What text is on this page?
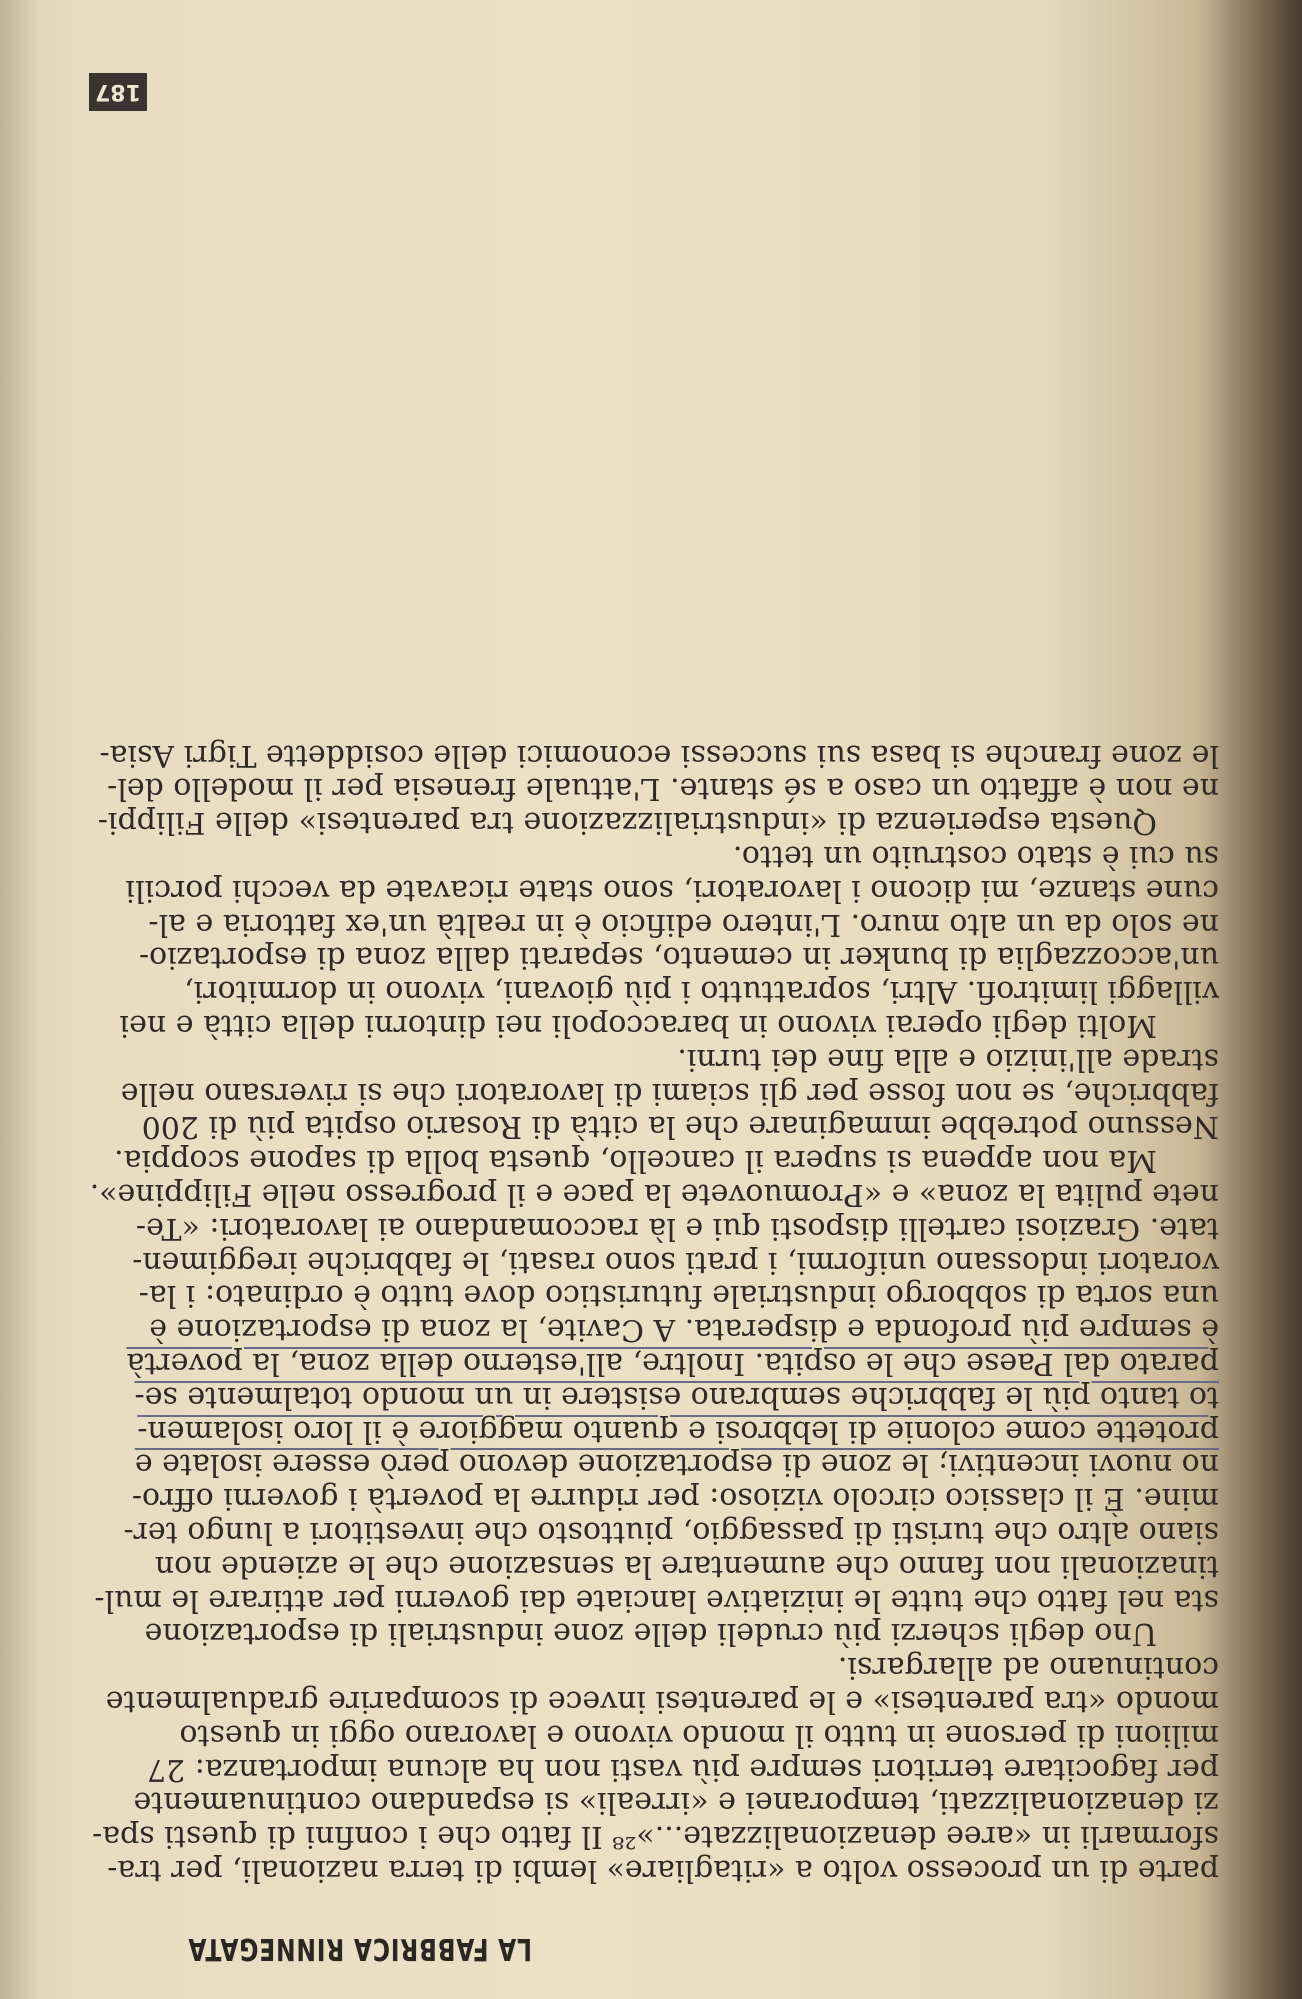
LA FABBRICA RINNEGATA
187
parte di un processo volto a «ritagliare» lembi di terra nazionali, per tra-
sformarli in «aree denazionalizzate...»²⁸ Il fatto che i confini di questi spa-
zi denazionalizzati, temporanei e «irreali» si espandano continuamente
per fagocitare territori sempre più vasti non ha alcuna importanza: 27
milioni di persone in tutto il mondo vivono e lavorano oggi in questo
mondo «tra parentesi» e le parentesi invece di scomparire gradualmente
continuano ad allargarsi.
Uno degli scherzi più crudeli delle zone industriali di esportazione
sta nel fatto che tutte le iniziative lanciate dai governi per attirare le mul-
tinazionali non fanno che aumentare la sensazione che le aziende non
siano altro che turisti di passaggio, piuttosto che investitori a lungo ter-
mine. È il classico circolo vizioso: per ridurre la povertà i governi offro-
no nuovi incentivi; le zone di esportazione devono però essere isolate e
protette come colonie di lebbrosi e quanto maggiore è il loro isolamen-
to tanto più le fabbriche sembrano esistere in un mondo totalmente se-
parato dal Paese che le ospita. Inoltre, all'esterno della zona, la povertà
è sempre più profonda e disperata. A Cavite, la zona di esportazione è
una sorta di sobborgo industriale futuristico dove tutto è ordinato: i la-
voratori indossano uniformi, i prati sono rasati, le fabbriche ireggimen-
tate. Graziosi cartelli disposti qui e là raccomandano ai lavoratori: «Te-
nete pulita la zona» e «Promuovete la pace e il progresso nelle Filippine».
Ma non appena si supera il cancello, questa bolla di sapone scoppia.
Nessuno potrebbe immaginare che la città di Rosario ospita più di 200
fabbriche, se non fosse per gli sciami di lavoratori che si riversano nelle
strade all'inizio e alla fine dei turni.
Molti degli operai vivono in baraccopoli nei dintorni della città e nei
villaggi limitrofi. Altri, soprattutto i più giovani, vivono in dormitori,
un'accozzaglia di bunker in cemento, separati dalla zona di esportazio-
ne solo da un alto muro. L'intero edificio è in realtà un'ex fattoria e al-
cune stanze, mi dicono i lavoratori, sono state ricavate da vecchi porcili
su cui è stato costruito un tetto.
Questa esperienza di «industrializzazione tra parentesi» delle Filippi-
ne non è affatto un caso a sé stante. L'attuale frenesia per il modello del-
le zone franche si basa sui successi economici delle cosiddette Tigri Asia-
